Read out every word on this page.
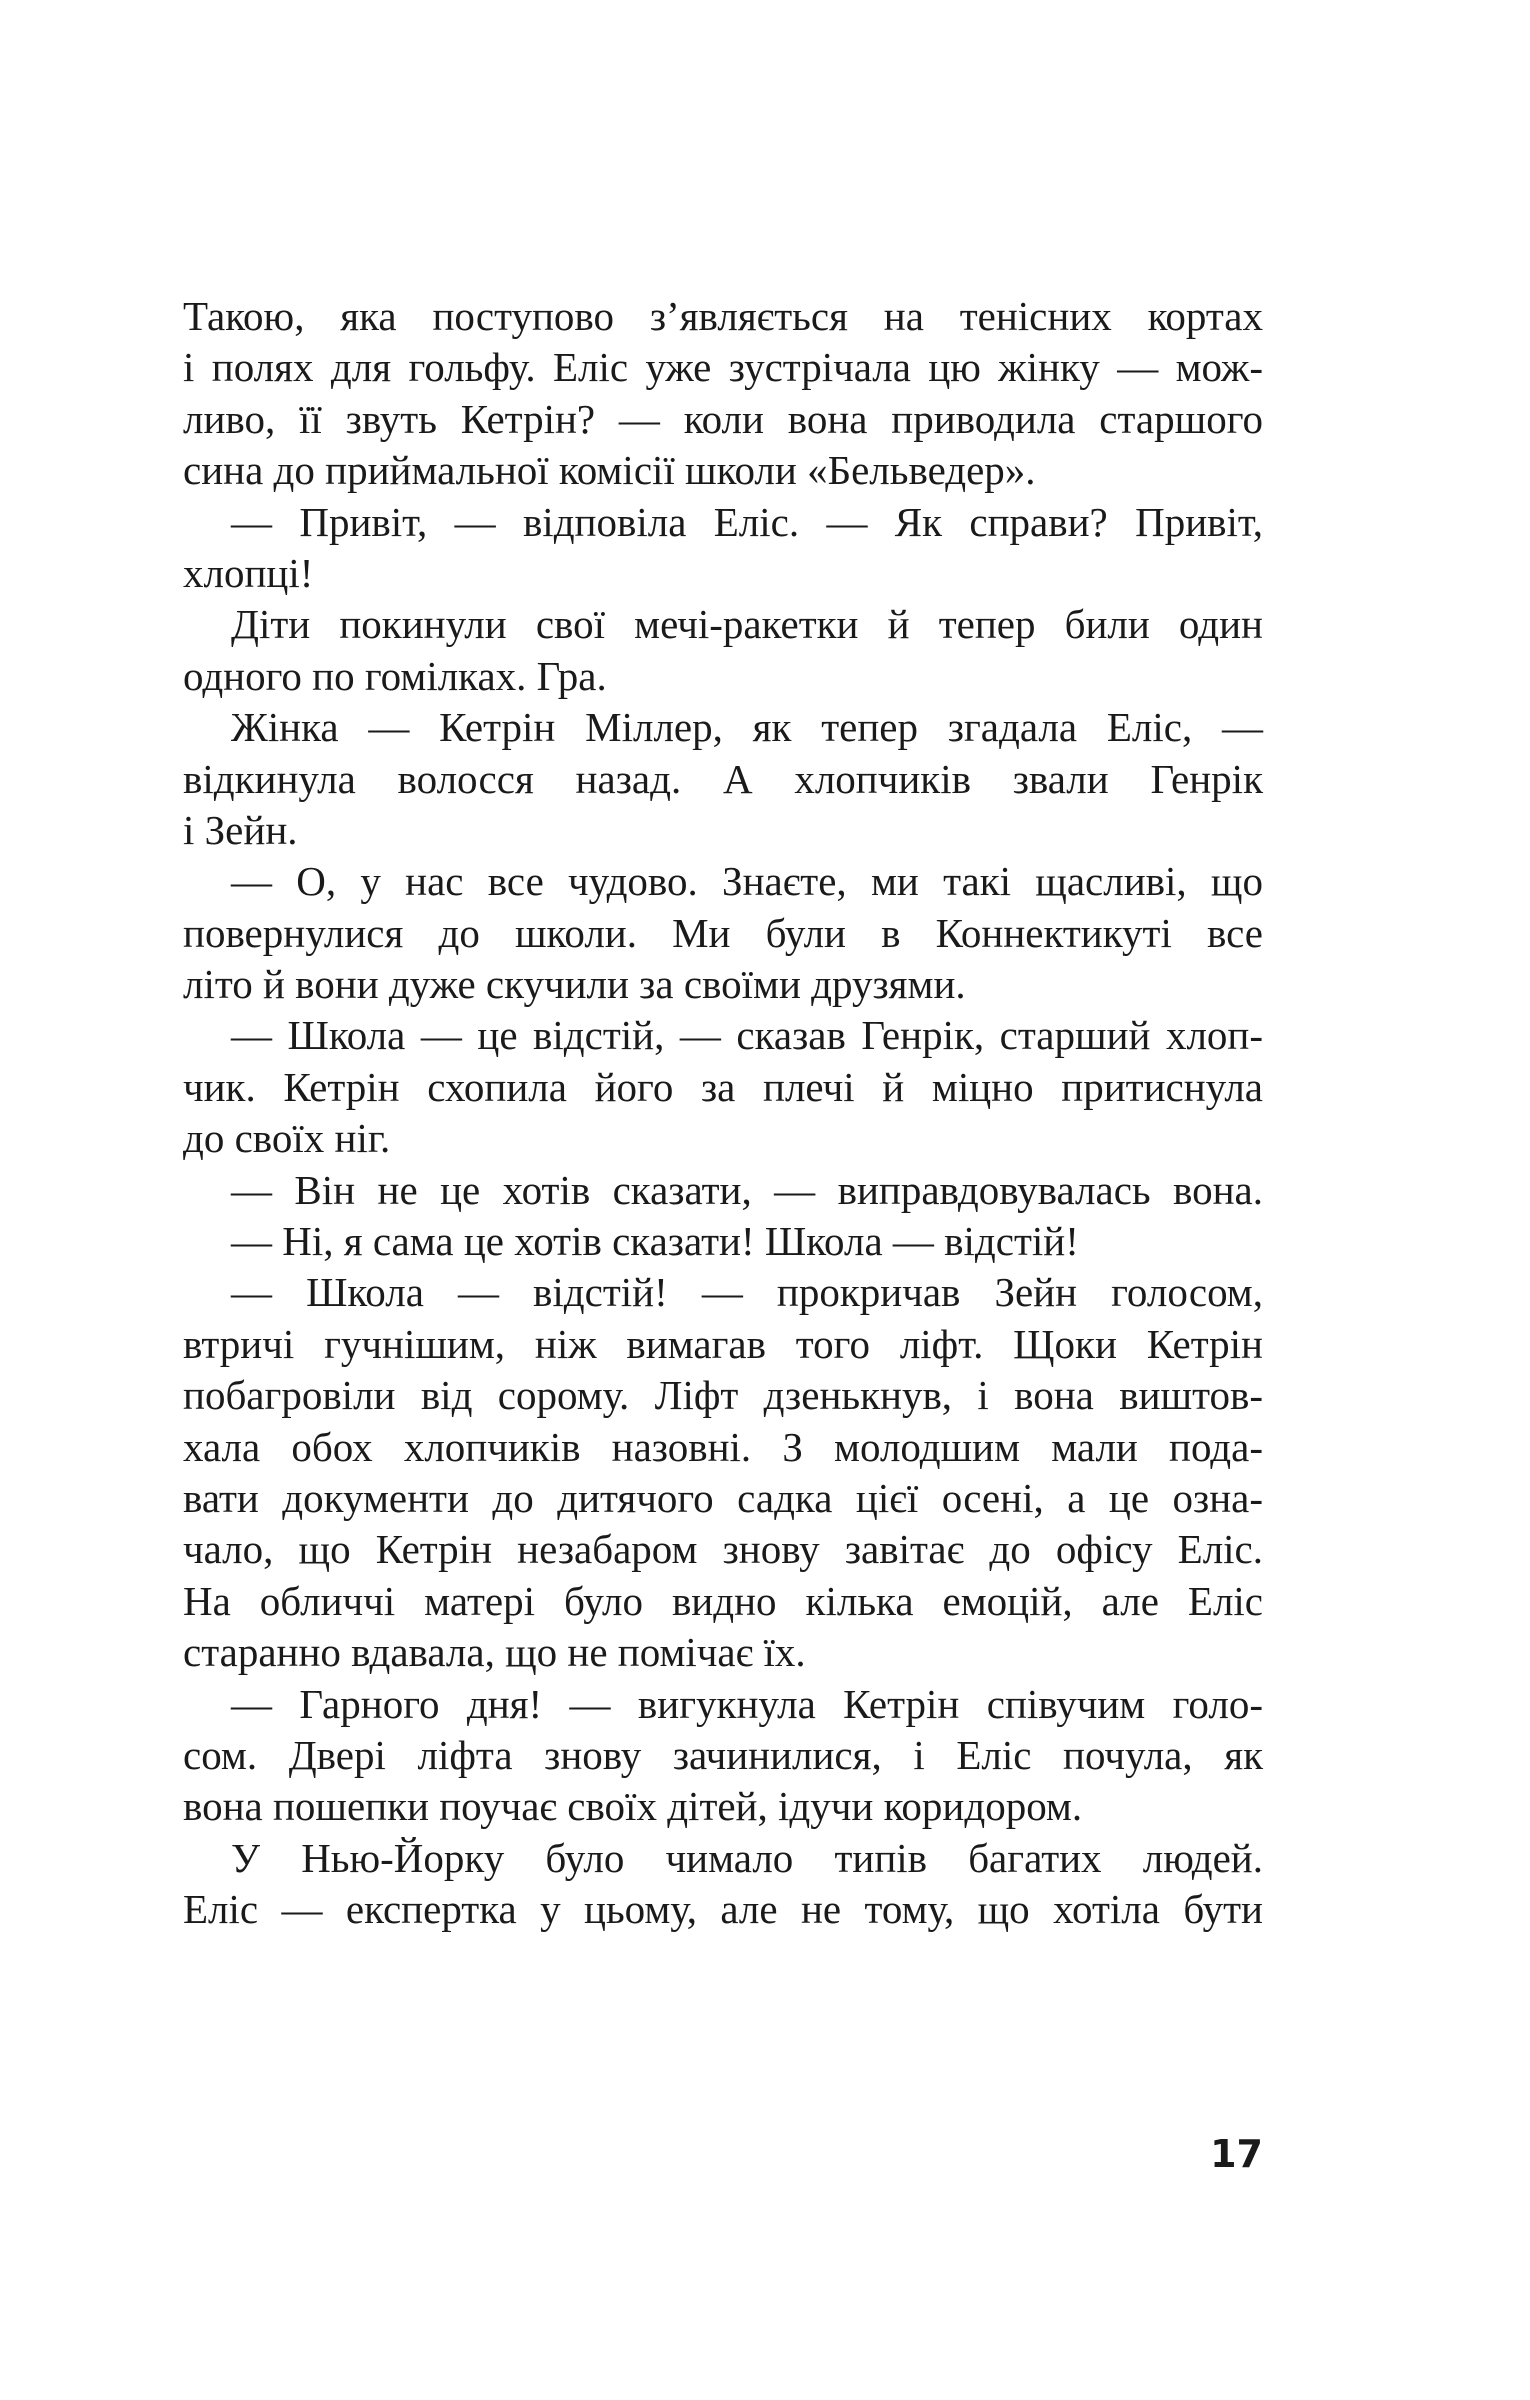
Такою, яка поступово з’являється на тенісних кортах
і полях для гольфу. Еліс уже зустрічала цю жінку — мож-
ливо, її звуть Кетрін? — коли вона приводила старшого
сина до приймальної комісії школи «Бельведер».
— Привіт, — відповіла Еліс. — Як справи? Привіт,
хлопці!
Діти покинули свої мечі-ракетки й тепер били один
одного по гомілках. Гра.
Жінка — Кетрін Міллер, як тепер згадала Еліс, —
відкинула волосся назад. А хлопчиків звали Генрік
і Зейн.
— О, у нас все чудово. Знаєте, ми такі щасливі, що
повернулися до школи. Ми були в Коннектикуті все
літо й вони дуже скучили за своїми друзями.
— Школа — це відстій, — сказав Генрік, старший хлоп-
чик. Кетрін схопила його за плечі й міцно притиснула
до своїх ніг.
— Він не це хотів сказати, — виправдовувалась вона.
— Ні, я сама це хотів сказати! Школа — відстій!
— Школа — відстій! — прокричав Зейн голосом,
втричі гучнішим, ніж вимагав того ліфт. Щоки Кетрін
побагровіли від сорому. Ліфт дзенькнув, і вона виштов-
хала обох хлопчиків назовні. З молодшим мали пода-
вати документи до дитячого садка цієї осені, а це озна-
чало, що Кетрін незабаром знову завітає до офісу Еліс.
На обличчі матері було видно кілька емоцій, але Еліс
старанно вдавала, що не помічає їх.
— Гарного дня! — вигукнула Кетрін співучим голо-
сом. Двері ліфта знову зачинилися, і Еліс почула, як
вона пошепки поучає своїх дітей, ідучи коридором.
У Нью-Йорку було чимало типів багатих людей.
Еліс — експертка у цьому, але не тому, що хотіла бути
17
